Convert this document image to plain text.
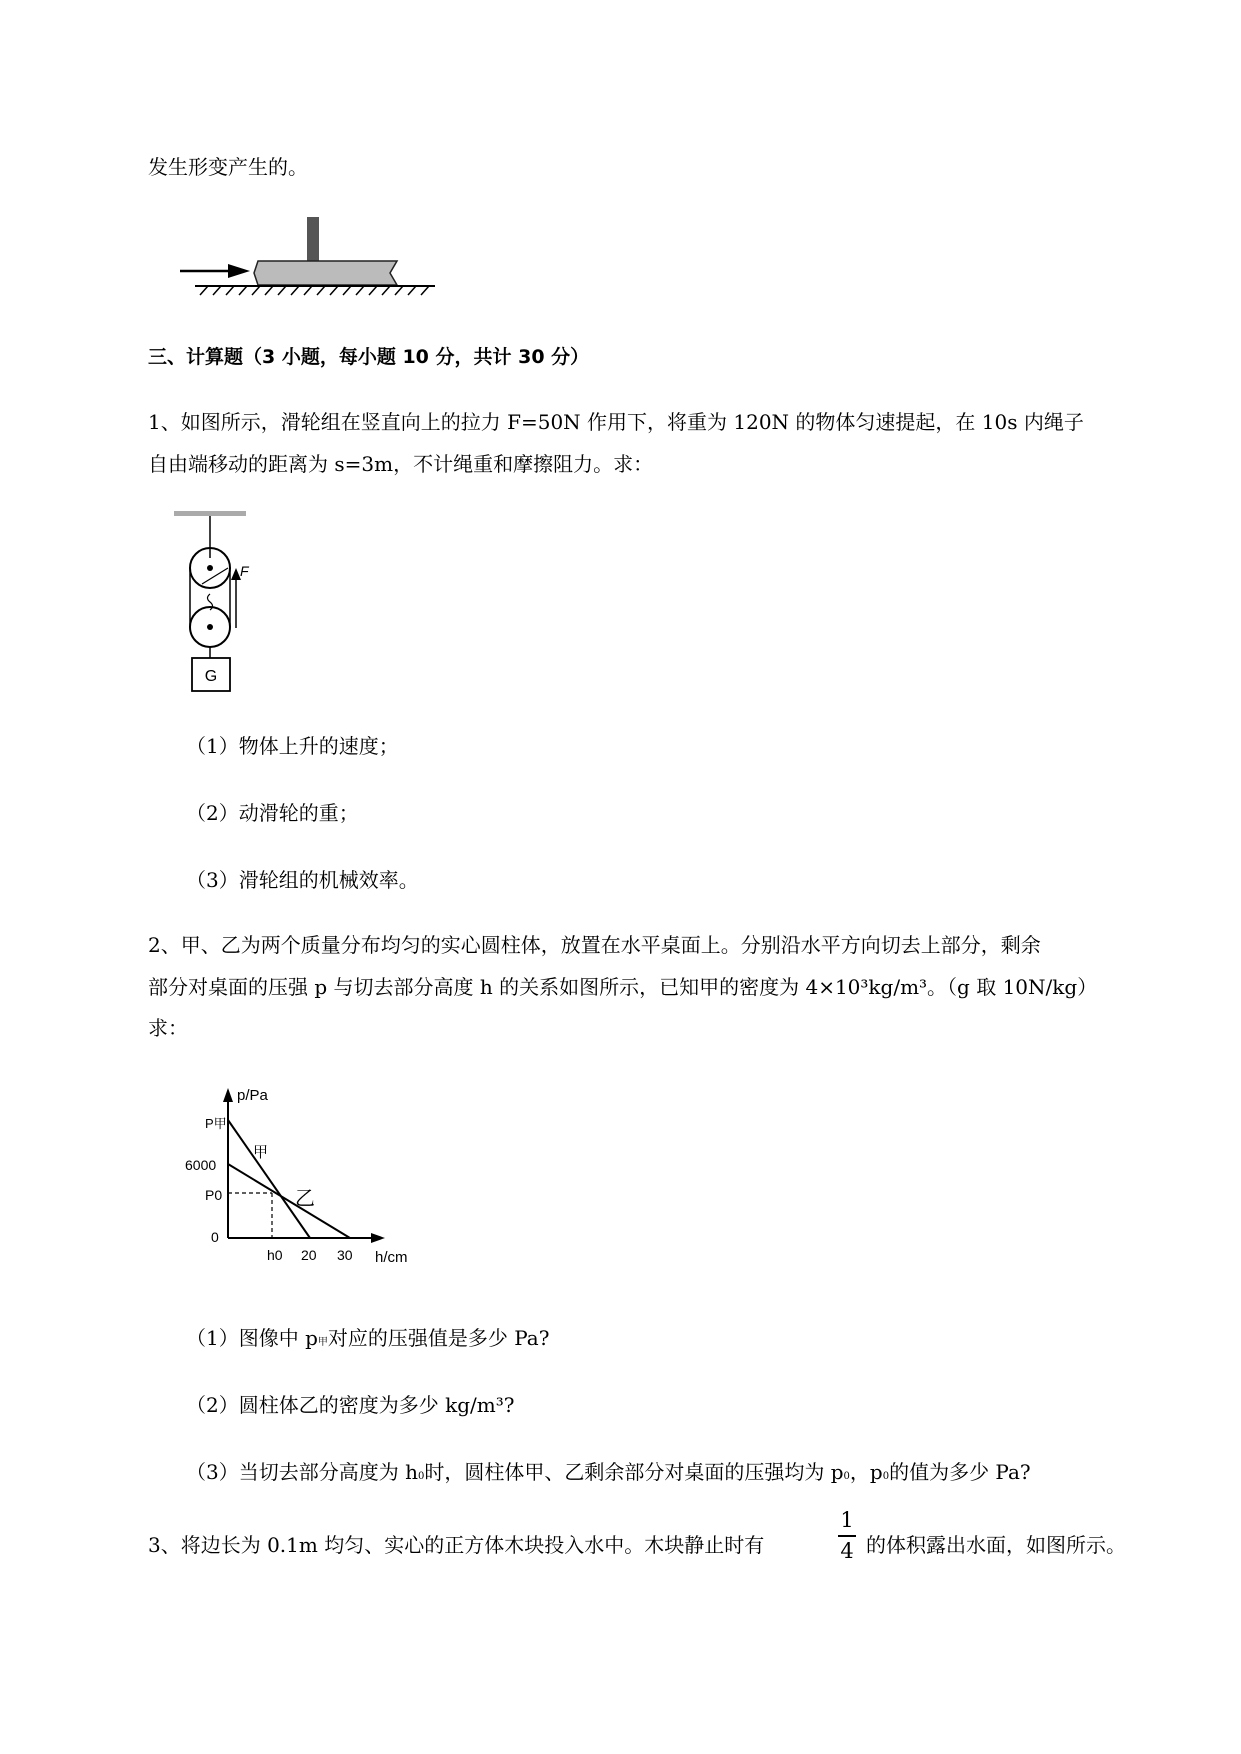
发生形变产生的。
三、计算题（3 小题，每小题 10 分，共计 30 分）
1、如图所示，滑轮组在竖直向上的拉力 F=50N 作用下，将重为 120N 的物体匀速提起，在 10s 内绳子
自由端移动的距离为 s=3m，不计绳重和摩擦阻力。求：
F
G
（1）物体上升的速度；
（2）动滑轮的重；
（3）滑轮组的机械效率。
2、甲、乙为两个质量分布均匀的实心圆柱体，放置在水平桌面上。分别沿水平方向切去上部分，剩余
部分对桌面的压强 p 与切去部分高度 h 的关系如图所示，已知甲的密度为 4×10³kg/m³。（g 取 10N/kg）
求：
p/Pa
h/cm
P甲
6000
P0
0
h0 20 30
甲
乙
（1）图像中 p甲对应的压强值是多少 Pa?
（2）圆柱体乙的密度为多少 kg/m³?
（3）当切去部分高度为 h0时，圆柱体甲、乙剩余部分对桌面的压强均为 p0，p0的值为多少 Pa?
3、将边长为 0.1m 均匀、实心的正方体木块投入水中。木块静止时有
1
4 的体积露出水面，如图所示。
